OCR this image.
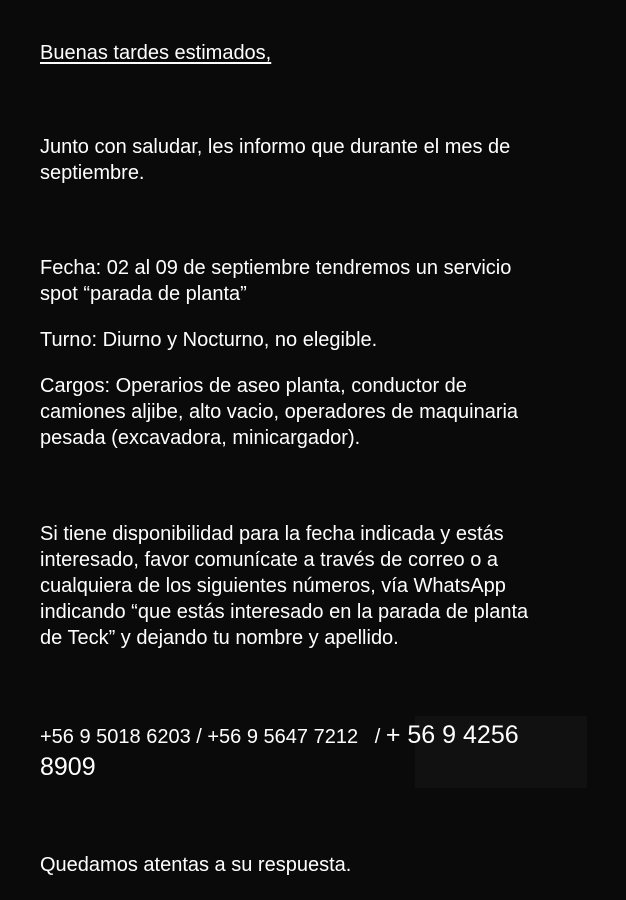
Buenas tardes estimados,

Junto con saludar, les informo que durante el mes de
septiembre.

Fecha: 02 al 09 de septiembre tendremos un servicio
spot “parada de planta”

Turno: Diurno y Nocturno, no elegible.

Cargos: Operarios de aseo planta, conductor de
camiones aljibe, alto vacio, operadores de maquinaria
pesada (excavadora, minicargador).

Si tiene disponibilidad para la fecha indicada y estás
interesado, favor comunícate a través de correo o a
cualquiera de los siguientes números, vía WhatsApp
indicando “que estás interesado en la parada de planta
de Teck” y dejando tu nombre y apellido.

+56 9 5018 6203 / +56 9 5647 7212   / + 56 9 4256
8909

Quedamos atentas a su respuesta.
